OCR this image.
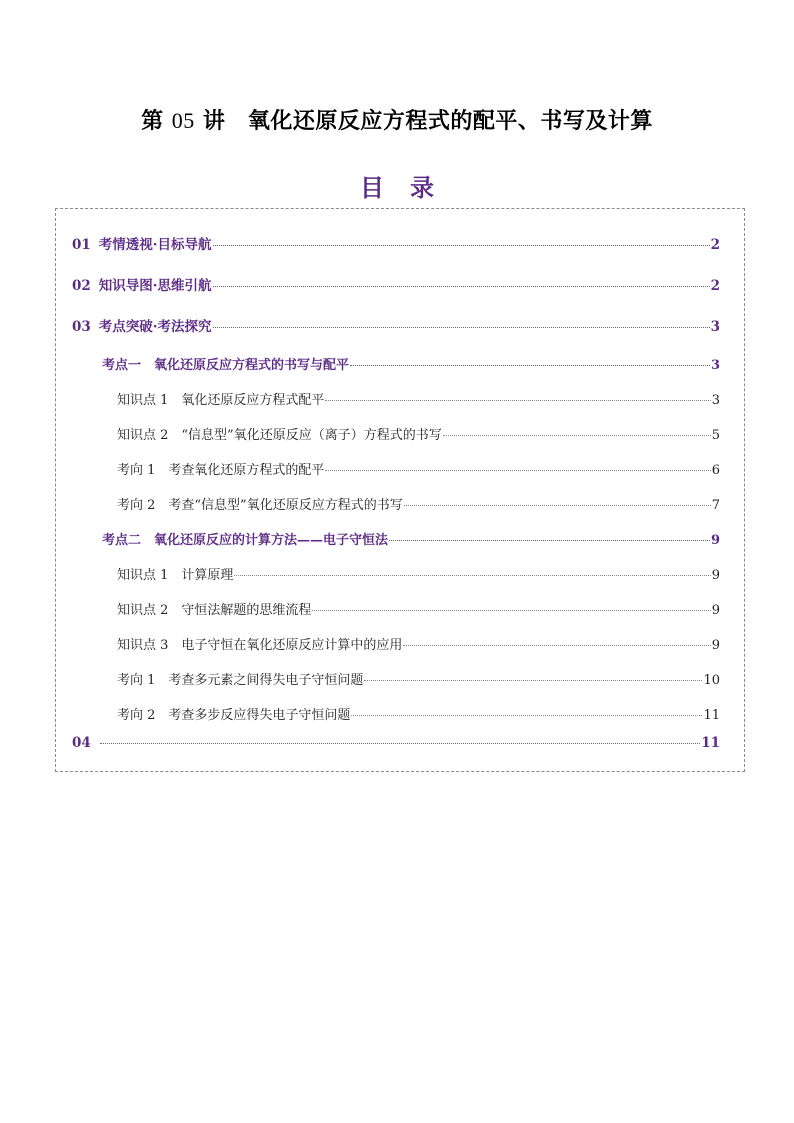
第 05 讲　氧化还原反应方程式的配平、书写及计算
目录
01 考情透视·目标导航	2
02 知识导图·思维引航	2
03 考点突破·考法探究	3
考点一　氧化还原反应方程式的书写与配平	3
知识点 1　氧化还原反应方程式配平	3
知识点 2　“信息型”氧化还原反应（离子）方程式的书写	5
考向 1　考查氧化还原方程式的配平	6
考向 2　考查“信息型”氧化还原反应方程式的书写	7
考点二　氧化还原反应的计算方法——电子守恒法	9
知识点 1　计算原理	9
知识点 2　守恒法解题的思维流程	9
知识点 3　电子守恒在氧化还原反应计算中的应用	9
考向 1　考查多元素之间得失电子守恒问题	10
考向 2　考查多步反应得失电子守恒问题	11
04	11
